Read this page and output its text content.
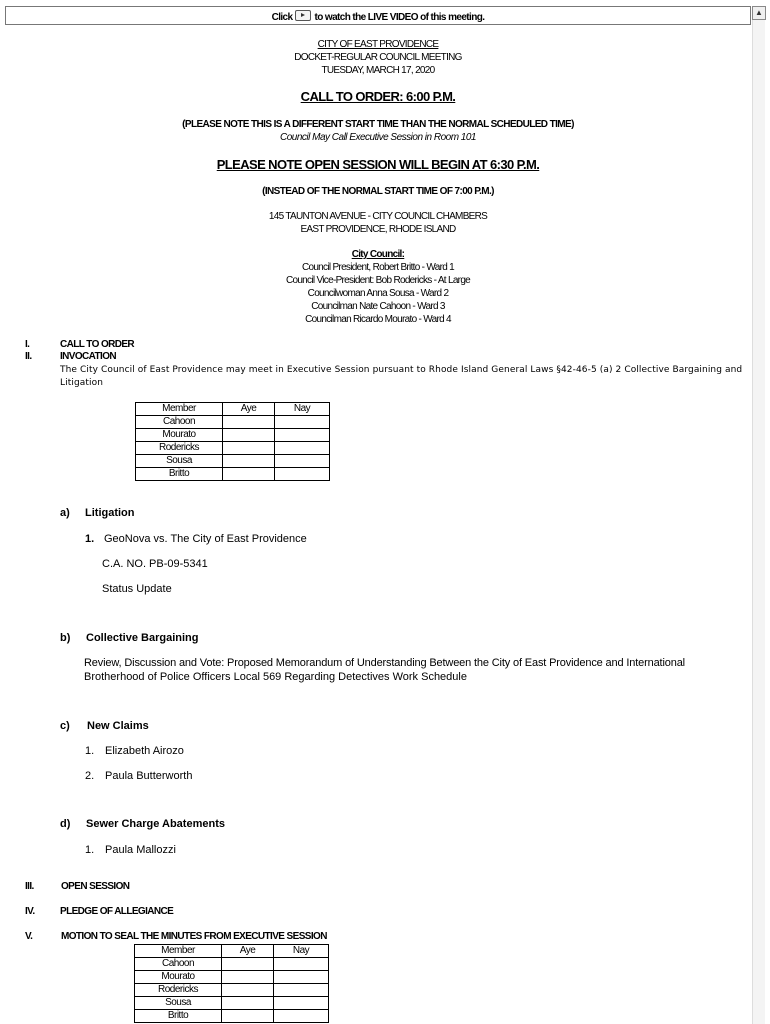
Click to watch the LIVE VIDEO of this meeting.	▲
CITY OF EAST PROVIDENCE
DOCKET-REGULAR COUNCIL MEETING
TUESDAY, MARCH 17, 2020
CALL TO ORDER: 6:00 P.M.
(PLEASE NOTE THIS IS A DIFFERENT START TIME THAN THE NORMAL SCHEDULED TIME)
Council May Call Executive Session in Room 101
PLEASE NOTE OPEN SESSION WILL BEGIN AT 6:30 P.M.
(INSTEAD OF THE NORMAL START TIME OF 7:00 P.M.)
145 TAUNTON AVENUE - CITY COUNCIL CHAMBERS
EAST PROVIDENCE, RHODE ISLAND
City Council:
Council President, Robert Britto - Ward 1
Council Vice-President: Bob Rodericks - At Large
Councilwoman Anna Sousa - Ward 2
Councilman Nate Cahoon - Ward 3
Councilman Ricardo Mourato - Ward 4
I.	CALL TO ORDER
II.	INVOCATION
The City Council of East Providence may meet in Executive Session pursuant to Rhode Island General Laws §42-46-5 (a) 2 Collective Bargaining and
Litigation
Member	Aye	Nay
Cahoon		
Mourato		
Rodericks		
Sousa		
Britto		
a) Litigation
1. GeoNova vs. The City of East Providence
C.A. NO. PB-09-5341
Status Update
b) Collective Bargaining
Review, Discussion and Vote: Proposed Memorandum of Understanding Between the City of East Providence and International
Brotherhood of Police Officers Local 569 Regarding Detectives Work Schedule
c) New Claims
1. Elizabeth Airozo
2. Paula Butterworth
d) Sewer Charge Abatements
1. Paula Mallozzi
III.	OPEN SESSION
IV.	PLEDGE OF ALLEGIANCE
V.	MOTION TO SEAL THE MINUTES FROM EXECUTIVE SESSION
Member	Aye	Nay
Cahoon		
Mourato		
Rodericks		
Sousa		
Britto		
